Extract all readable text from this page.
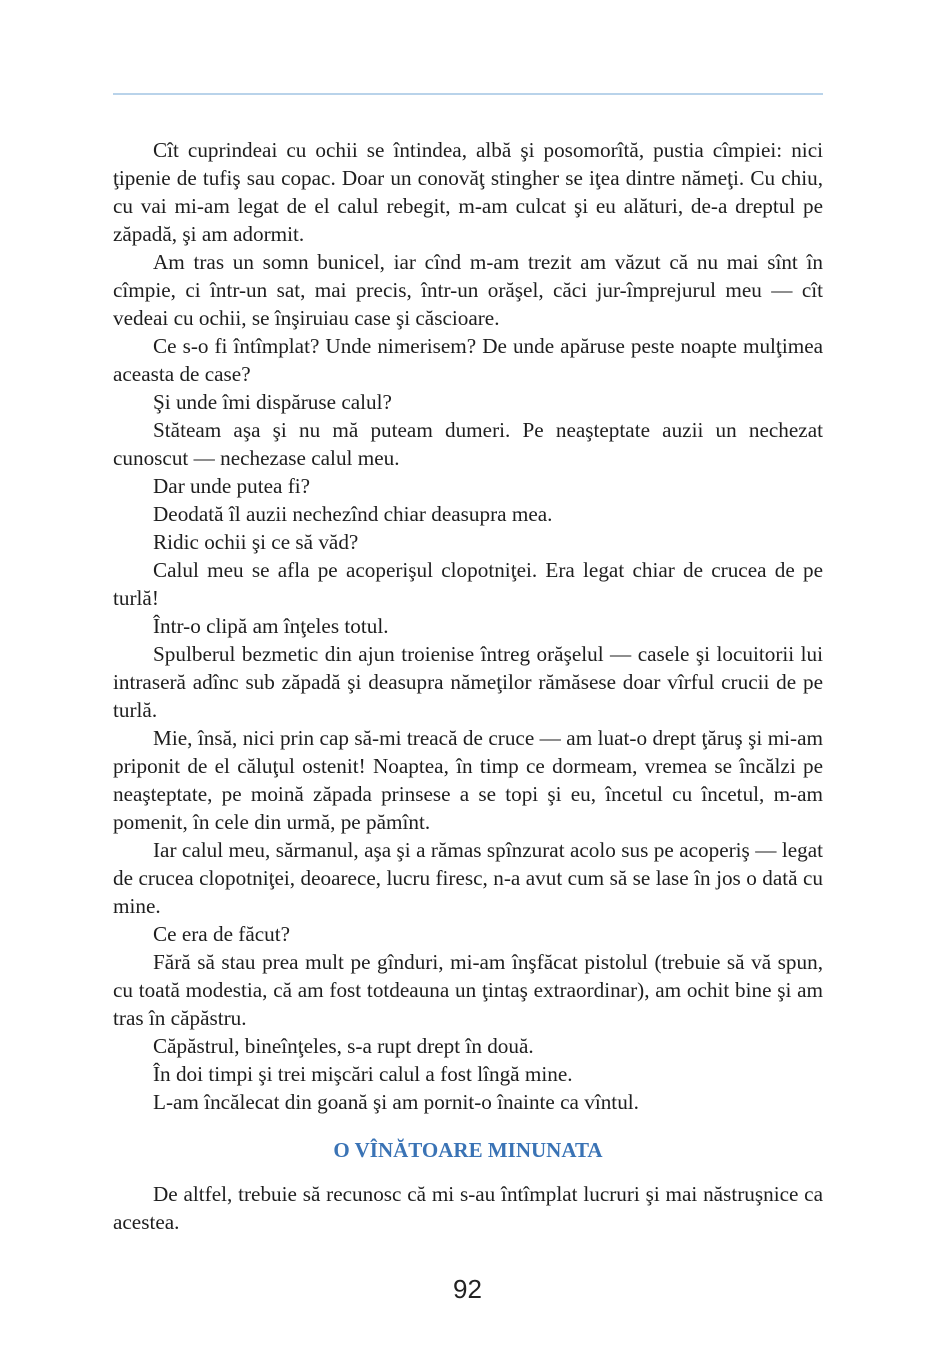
Cît cuprindeai cu ochii se întindea, albă şi posomorîtă, pustia cîmpiei: nici ţipenie de tufiş sau copac. Doar un conovăţ stingher se iţea dintre nămeţi. Cu chiu, cu vai mi-am legat de el calul rebegit, m-am culcat şi eu alături, de-a dreptul pe zăpadă, şi am adormit.

Am tras un somn bunicel, iar cînd m-am trezit am văzut că nu mai sînt în cîmpie, ci într-un sat, mai precis, într-un orăşel, căci jur-împrejurul meu — cît vedeai cu ochii, se înşiruiau case şi căscioare.

Ce s-o fi întîmplat? Unde nimerisem? De unde apăruse peste noapte mulţimea aceasta de case?

Şi unde îmi dispăruse calul?

Stăteam aşa şi nu mă puteam dumeri. Pe neaşteptate auzii un nechezat cunoscut — nechezase calul meu.

Dar unde putea fi?

Deodată îl auzii nechezînd chiar deasupra mea.

Ridic ochii şi ce să văd?

Calul meu se afla pe acoperişul clopotniţei. Era legat chiar de crucea de pe turlă!

Într-o clipă am înţeles totul.

Spulberul bezmetic din ajun troienise întreg orăşelul — casele şi locuitorii lui intraseră adînc sub zăpadă şi deasupra nămeţilor rămăsese doar vîrful crucii de pe turlă.

Mie, însă, nici prin cap să-mi treacă de cruce — am luat-o drept ţăruş şi mi-am priponit de el căluţul ostenit! Noaptea, în timp ce dormeam, vremea se încălzi pe neaşteptate, pe moină zăpada prinsese a se topi şi eu, încetul cu încetul, m-am pomenit, în cele din urmă, pe pămînt.

Iar calul meu, sărmanul, aşa şi a rămas spînzurat acolo sus pe acoperiş — legat de crucea clopotniţei, deoarece, lucru firesc, n-a avut cum să se lase în jos o dată cu mine.

Ce era de făcut?

Fără să stau prea mult pe gînduri, mi-am înşfăcat pistolul (trebuie să vă spun, cu toată modestia, că am fost totdeauna un ţintaş extraordinar), am ochit bine şi am tras în căpăstru.

Căpăstrul, bineînţeles, s-a rupt drept în două.

În doi timpi şi trei mişcări calul a fost lîngă mine.

L-am încălecat din goană şi am pornit-o înainte ca vîntul.

O VÎNĂTOARE MINUNATA

De altfel, trebuie să recunosc că mi s-au întîmplat lucruri şi mai năstruşnice ca acestea.

92
